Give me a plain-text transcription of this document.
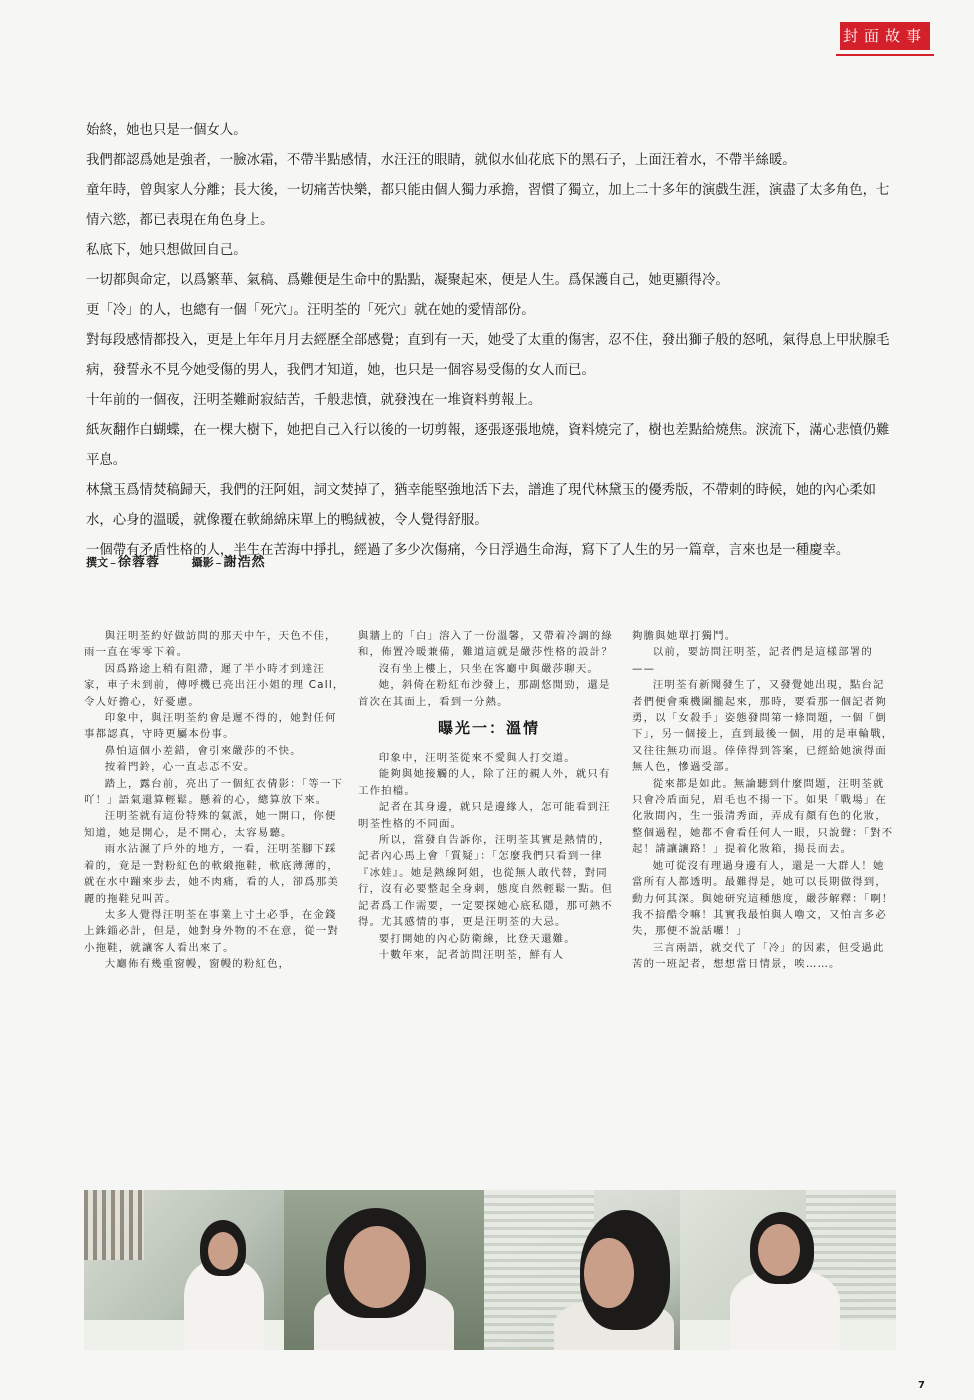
封面故事

始終，她也只是一個女人。

我們都認爲她是強者，一臉冰霜，不帶半點感情，水汪汪的眼睛，就似水仙花底下的黑石子，上面汪着水，不帶半絲暖。

童年時，曾與家人分離；長大後，一切痛苦快樂，都只能由個人獨力承擔，習慣了獨立，加上二十多年的演戲生涯，演盡了太多角色，七情六慾，都已表現在角色身上。

私底下，她只想做回自己。

一切都與命定，以爲繁華、氣稿、爲難便是生命中的點點，凝聚起來，便是人生。爲保護自己，她更顯得冷。

更「冷」的人，也總有一個「死穴」。汪明荃的「死穴」就在她的愛情部份。

對每段感情都投入，更是上年年月月去經歷全部感覺；直到有一天，她受了太重的傷害，忍不住，發出獅子般的怒吼，氣得息上甲狀腺毛病，發誓永不見今她受傷的男人，我們才知道，她，也只是一個容易受傷的女人而已。

十年前的一個夜，汪明荃難耐寂結苦，千般悲憤，就發洩在一堆資料剪報上。

紙灰翻作白蝴蝶，在一棵大樹下，她把自己入行以後的一切剪報，逐張逐張地燒，資料燒完了，樹也差點給燒焦。淚流下，滿心悲憤仍難平息。

林黛玉爲情焚稿歸天，我們的汪阿姐，詞文焚掉了，猶幸能堅強地活下去，譜進了現代林黛玉的優秀版，不帶刺的時候，她的內心柔如水，心身的溫暖，就像覆在軟綿綿床單上的鴨絨被，令人覺得舒服。

一個帶有矛盾性格的人，半生在苦海中掙扎，經過了多少次傷痛，今日浮過生命海，寫下了人生的另一篇章，言來也是一種慶幸。

撰文 – 徐蓉蓉	攝影 – 謝浩然

與汪明荃約好做訪問的那天中午，天色不佳，雨一直在零零下着。

因爲路途上稍有阻滯，遲了半小時才到達汪家，車子未到前，傳呼機已亮出汪小姐的理 Call，令人好擔心，好憂慮。

印象中，與汪明荃約會是遲不得的，她對任何事都認真，守時更屬本份事。

鼻怕這個小差錯，會引來嚴莎的不快。

按着門鈴，心一直忐忑不安。

踏上，露台前，亮出了一個紅衣倩影：「等一下吖！」語氣還算輕鬆。懸着的心，總算放下來。

汪明荃就有這份特殊的氣派，她一開口，你便知道，她是開心，是不開心，太容易聽。

雨水沾濕了戶外的地方，一看，汪明荃腳下踩着的，竟是一對粉紅色的軟緞拖鞋，軟底薄薄的，就在水中蹦來步去，她不肉痛，看的人，卻爲那美麗的拖鞋兒叫苦。

太多人覺得汪明荃在事業上寸土必爭，在金錢上銖錙必計，但是，她對身外物的不在意，從一對小拖鞋，就讓客人看出來了。

大廳佈有幾重窗幔，窗幔的粉紅色，

與牆上的「白」溶入了一份溫馨，又帶着冷調的綠和，佈置冷暖兼備，難道這就是嚴莎性格的設計？

沒有坐上樓上，只坐在客廳中與嚴莎聊天。

她，斜倚在粉紅布沙發上，那副悠閒勁，還是首次在其面上，看到一分熱。

曝光一：溫情

印象中，汪明荃從來不愛與人打交道。

能夠與她接觸的人，除了汪的親人外，就只有工作拍檔。

記者在其身邊，就只是邊緣人，怎可能看到汪明荃性格的不同面。

所以，當發自告訴你，汪明荃其實是熱情的，記者內心馬上會「質疑」：「怎麼我們只看到一律『冰娃』。她是熱線阿姐，也從無人敢代替，對同行，沒有必要整起全身刺，態度自然輕鬆一點。但記者爲工作需要，一定要探她心底私隱，那可熱不得。尤其感情的事，更是汪明荃的大忌。

要打開她的內心防衛線，比登天還難。

十數年來，記者訪問汪明荃，鮮有人

夠膽與她單打獨鬥。

以前，要訪問汪明荃，記者們是這樣部署的——

汪明荃有新聞發生了，又發覺她出現，點台記者們便會乘機圍攏起來，那時，要看那一個記者夠勇，以「女殺手」姿態發問第一條問題，一個「倒下」，另一個接上，直到最後一個，用的是車輪戰，又往往無功而退。倖倖得到答案，已經給她演得面無人色，慘過受部。

從來都是如此。無論聽到什麼問題，汪明荃就只會冷盾面兒，眉毛也不揚一下。如果「戰場」在化妝間內，生一張清秀面，弄成有顏有色的化妝，整個過程，她都不會看任何人一眼，只說聲：「對不起！請讓讓路！」提着化妝箱，揚長而去。

她可從沒有理過身邊有人，還是一大群人！她當所有人都透明。最難得是，她可以長期做得到，動力何其深。與她研究這種態度，嚴莎解釋：「啊！我不揞酷令嘛！其實我最怕與人嚕文，又怕言多必失，那便不說話囉！」

三言兩語，就交代了「冷」的因素，但受過此苦的一班記者，想想當日情景，唉……。

7
